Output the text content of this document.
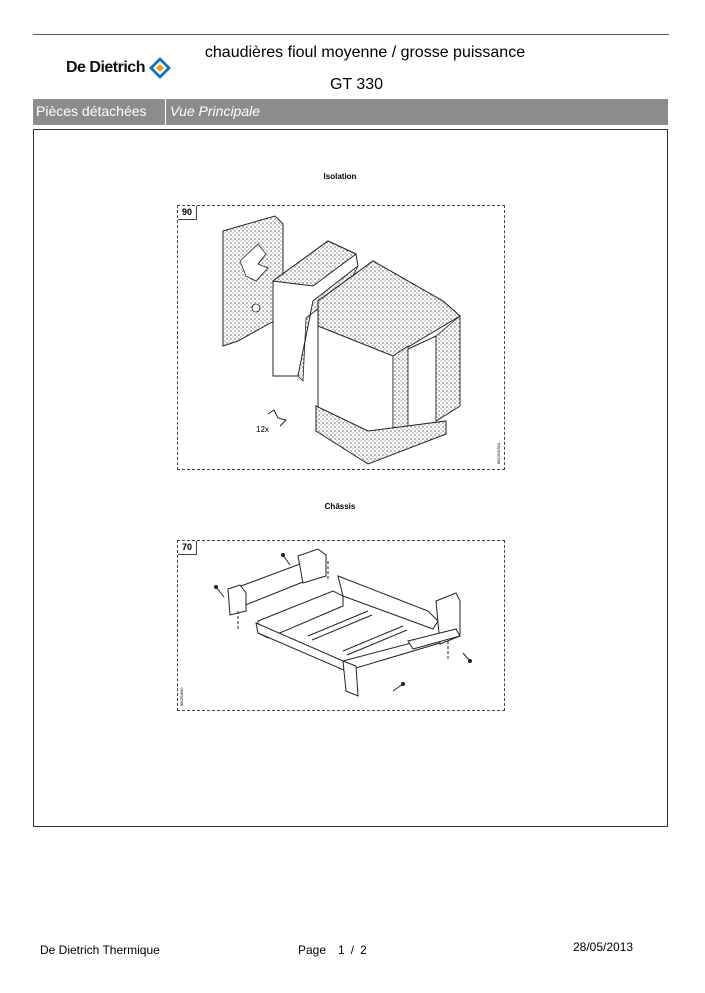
De Dietrich
chaudières fioul moyenne / grosse puissance
GT 330
Pièces détachées	Vue Principale
Isolation
90
12x
8813N078A
Châssis
70
8803N800
De Dietrich Thermique	Page 1 / 2	28/05/2013
